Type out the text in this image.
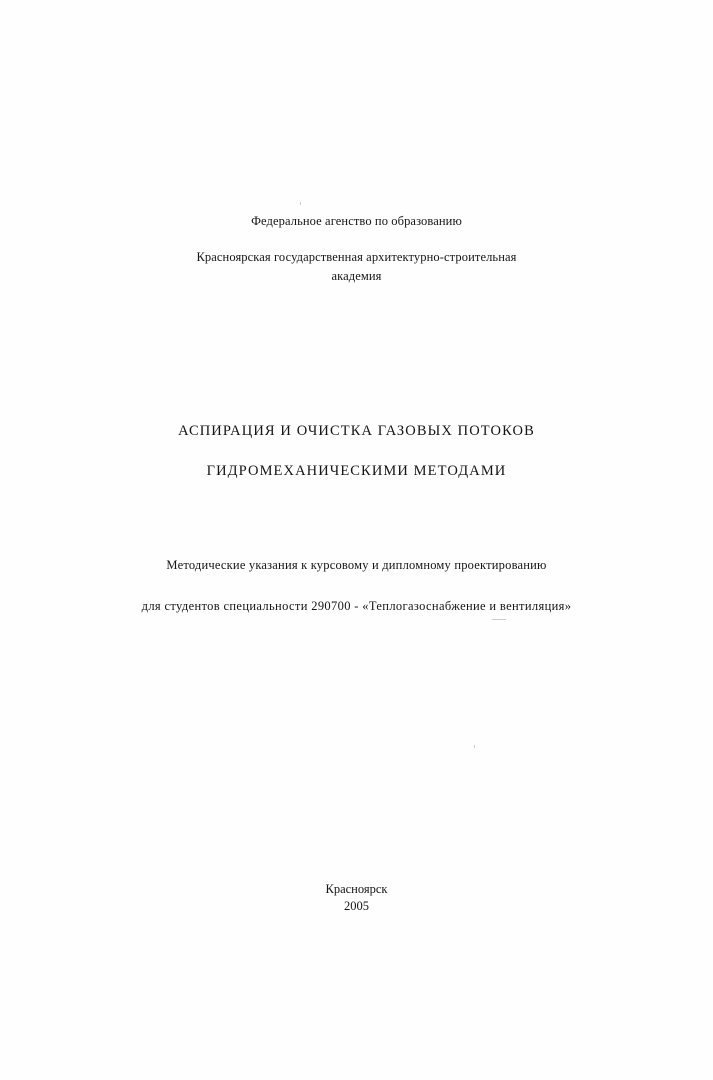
Федеральное агенство по образованию
Красноярская государственная архитектурно-строительная
академия
АСПИРАЦИЯ И ОЧИСТКА ГАЗОВЫХ ПОТОКОВ
ГИДРОМЕХАНИЧЕСКИМИ МЕТОДАМИ
Методические указания к курсовому и дипломному проектированию
для студентов специальности 290700 - «Теплогазоснабжение и вентиляция»
Красноярск
2005
